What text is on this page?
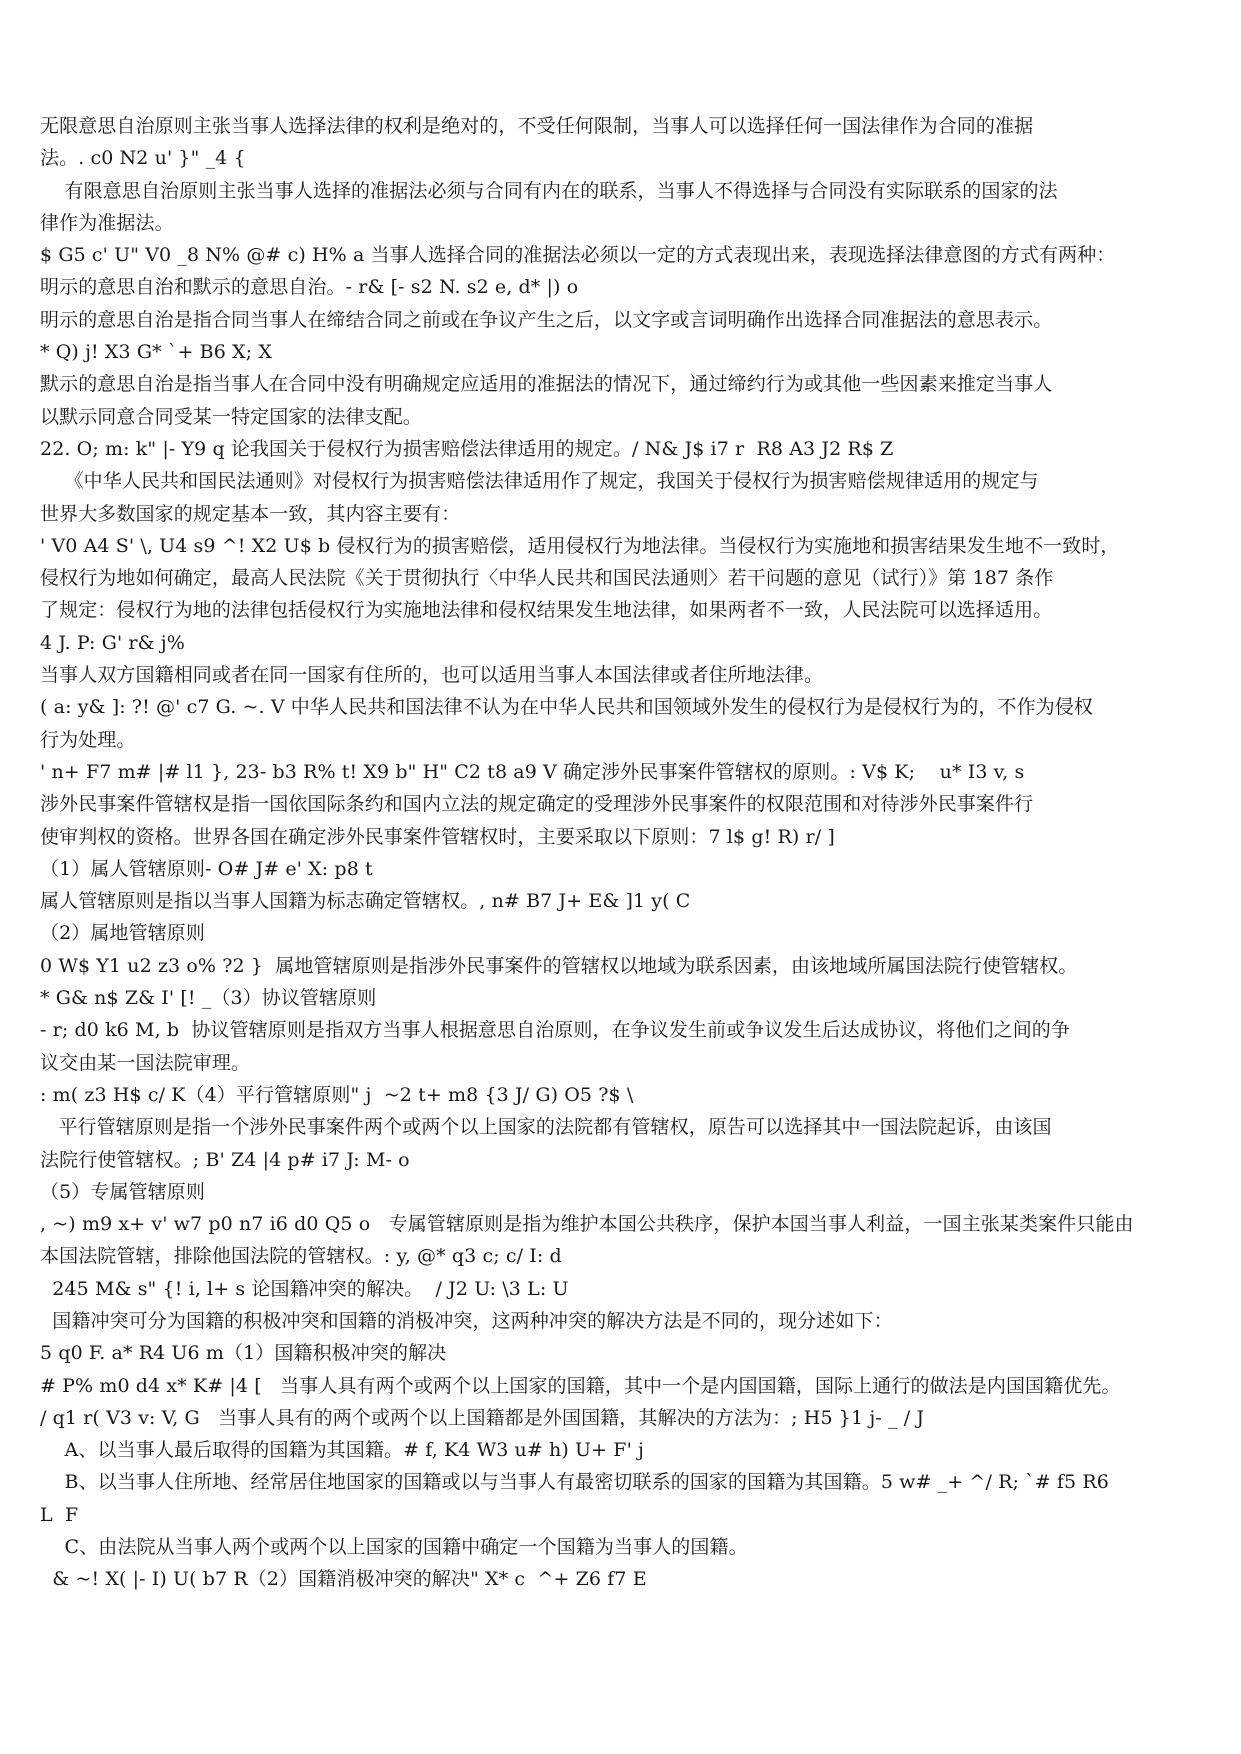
无限意思自治原则主张当事人选择法律的权利是绝对的，不受任何限制，当事人可以选择任何一国法律作为合同的准据
法。. c0 N2 u' }" _4 {
有限意思自治原则主张当事人选择的准据法必须与合同有内在的联系，当事人不得选择与合同没有实际联系的国家的法
律作为准据法。
$ G5 c' U" V0 _8 N% @# c) H% a 当事人选择合同的准据法必须以一定的方式表现出来，表现选择法律意图的方式有两种：
明示的意思自治和默示的意思自治。- r& [- s2 N. s2 e, d* |) o
明示的意思自治是指合同当事人在缔结合同之前或在争议产生之后，以文字或言词明确作出选择合同准据法的意思表示。
* Q) j! X3 G* `+ B6 X; X
默示的意思自治是指当事人在合同中没有明确规定应适用的准据法的情况下，通过缔约行为或其他一些因素来推定当事人
以默示同意合同受某一特定国家的法律支配。
22. O; m: k" |- Y9 q 论我国关于侵权行为损害赔偿法律适用的规定。/ N& J$ i7 r  R8 A3 J2 R$ Z
《中华人民共和国民法通则》对侵权行为损害赔偿法律适用作了规定，我国关于侵权行为损害赔偿规律适用的规定与
世界大多数国家的规定基本一致，其内容主要有：
' V0 A4 S' \, U4 s9 ^! X2 U$ b 侵权行为的损害赔偿，适用侵权行为地法律。当侵权行为实施地和损害结果发生地不一致时，
侵权行为地如何确定，最高人民法院《关于贯彻执行〈中华人民共和国民法通则〉若干问题的意见（试行）》第 187 条作
了规定：侵权行为地的法律包括侵权行为实施地法律和侵权结果发生地法律，如果两者不一致，人民法院可以选择适用。
4 J. P: G' r& j%
当事人双方国籍相同或者在同一国家有住所的，也可以适用当事人本国法律或者住所地法律。
( a: y& ]: ?! @' c7 G. ~. V 中华人民共和国法律不认为在中华人民共和国领域外发生的侵权行为是侵权行为的，不作为侵权
行为处理。
' n+ F7 m# |# l1 }, 23- b3 R% t! X9 b" H" C2 t8 a9 V 确定涉外民事案件管辖权的原则。: V$ K;    u* I3 v, s
涉外民事案件管辖权是指一国依国际条约和国内立法的规定确定的受理涉外民事案件的权限范围和对待涉外民事案件行
使审判权的资格。世界各国在确定涉外民事案件管辖权时，主要采取以下原则：7 l$ g! R) r/ ]
（1）属人管辖原则- O# J# e' X: p8 t
属人管辖原则是指以当事人国籍为标志确定管辖权。, n# B7 J+ E& ]1 y( C
（2）属地管辖原则
0 W$ Y1 u2 z3 o% ?2 }  属地管辖原则是指涉外民事案件的管辖权以地域为联系因素，由该地域所属国法院行使管辖权。
* G& n$ Z& I' [! _（3）协议管辖原则
- r; d0 k6 M, b  协议管辖原则是指双方当事人根据意思自治原则，在争议发生前或争议发生后达成协议，将他们之间的争
议交由某一国法院审理。
: m( z3 H$ c/ K（4）平行管辖原则" j  ~2 t+ m8 {3 J/ G) O5 ?$ \
平行管辖原则是指一个涉外民事案件两个或两个以上国家的法院都有管辖权，原告可以选择其中一国法院起诉，由该国
法院行使管辖权。; B' Z4 |4 p# i7 J: M- o
（5）专属管辖原则
, ~) m9 x+ v' w7 p0 n7 i6 d0 Q5 o   专属管辖原则是指为维护本国公共秩序，保护本国当事人利益，一国主张某类案件只能由
本国法院管辖，排除他国法院的管辖权。: y, @* q3 c; c/ I: d
245 M& s" {! i, l+ s 论国籍冲突的解决。  / J2 U: \3 L: U
国籍冲突可分为国籍的积极冲突和国籍的消极冲突，这两种冲突的解决方法是不同的，现分述如下：
5 q0 F. a* R4 U6 m（1）国籍积极冲突的解决
# P% m0 d4 x* K# |4 [   当事人具有两个或两个以上国家的国籍，其中一个是内国国籍，国际上通行的做法是内国国籍优先。
/ q1 r( V3 v: V, G   当事人具有的两个或两个以上国籍都是外国国籍，其解决的方法为：; H5 }1 j- _ / J
A、以当事人最后取得的国籍为其国籍。# f, K4 W3 u# h) U+ F' j
B、以当事人住所地、经常居住地国家的国籍或以与当事人有最密切联系的国家的国籍为其国籍。5 w# _+ ^/ R; `# f5 R6
L  F
C、由法院从当事人两个或两个以上国家的国籍中确定一个国籍为当事人的国籍。
& ~! X( |- I) U( b7 R（2）国籍消极冲突的解决" X* c  ^+ Z6 f7 E
